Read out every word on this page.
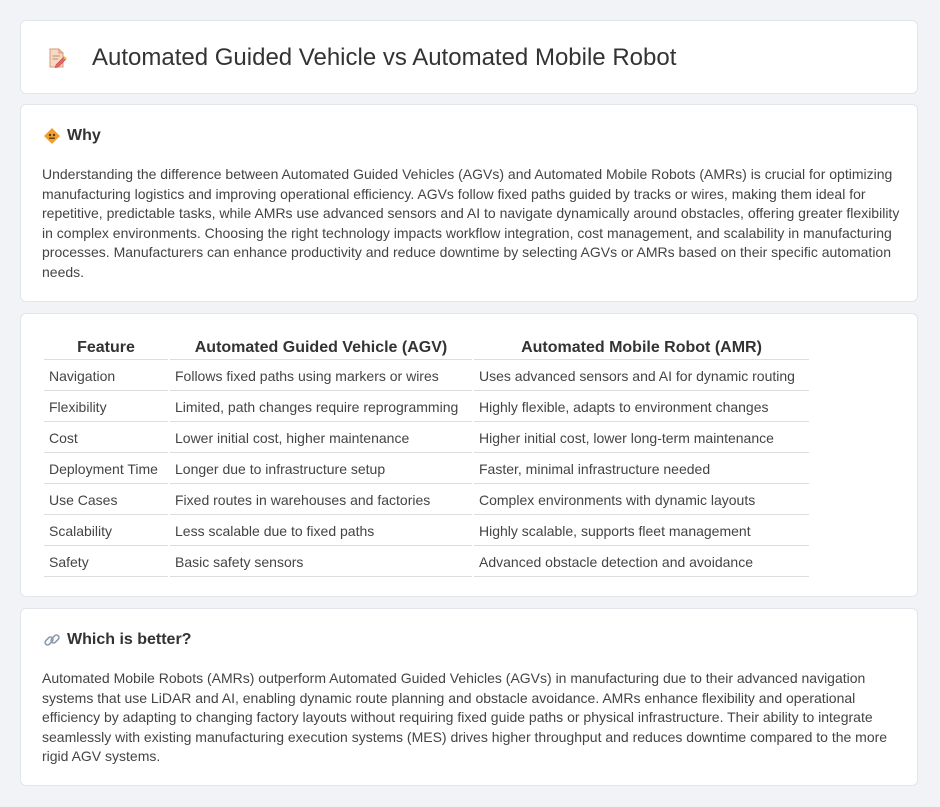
Automated Guided Vehicle vs Automated Mobile Robot
Why

Understanding the difference between Automated Guided Vehicles (AGVs) and Automated Mobile Robots (AMRs) is crucial for optimizing manufacturing logistics and improving operational efficiency. AGVs follow fixed paths guided by tracks or wires, making them ideal for repetitive, predictable tasks, while AMRs use advanced sensors and AI to navigate dynamically around obstacles, offering greater flexibility in complex environments. Choosing the right technology impacts workflow integration, cost management, and scalability in manufacturing processes. Manufacturers can enhance productivity and reduce downtime by selecting AGVs or AMRs based on their specific automation needs.

Feature	Automated Guided Vehicle (AGV)	Automated Mobile Robot (AMR)
Navigation	Follows fixed paths using markers or wires	Uses advanced sensors and AI for dynamic routing
Flexibility	Limited, path changes require reprogramming	Highly flexible, adapts to environment changes
Cost	Lower initial cost, higher maintenance	Higher initial cost, lower long-term maintenance
Deployment Time	Longer due to infrastructure setup	Faster, minimal infrastructure needed
Use Cases	Fixed routes in warehouses and factories	Complex environments with dynamic layouts
Scalability	Less scalable due to fixed paths	Highly scalable, supports fleet management
Safety	Basic safety sensors	Advanced obstacle detection and avoidance
Which is better?

Automated Mobile Robots (AMRs) outperform Automated Guided Vehicles (AGVs) in manufacturing due to their advanced navigation systems that use LiDAR and AI, enabling dynamic route planning and obstacle avoidance. AMRs enhance flexibility and operational efficiency by adapting to changing factory layouts without requiring fixed guide paths or physical infrastructure. Their ability to integrate seamlessly with existing manufacturing execution systems (MES) drives higher throughput and reduces downtime compared to the more rigid AGV systems.
